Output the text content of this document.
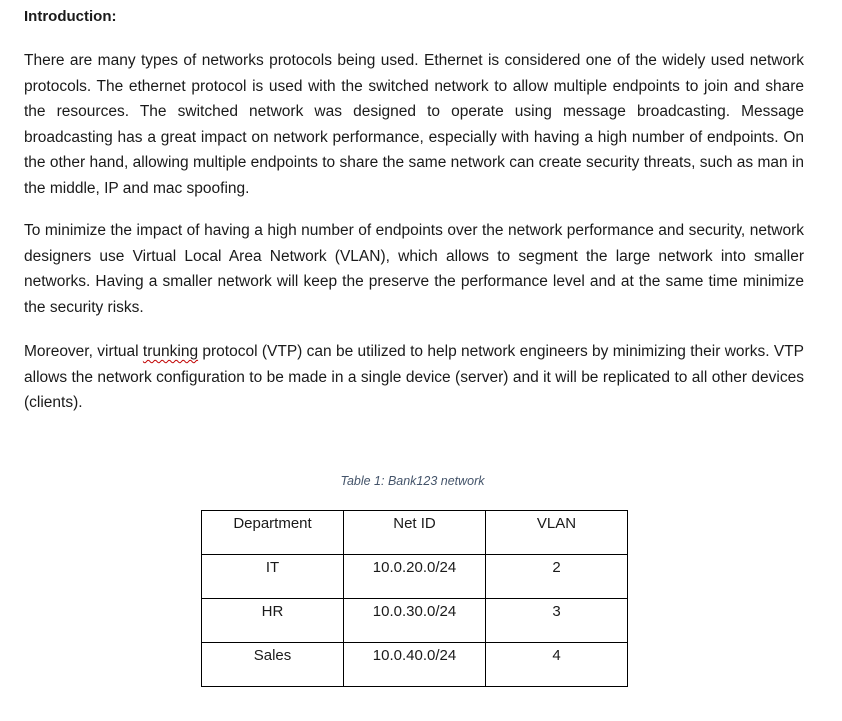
Introduction:

There are many types of networks protocols being used. Ethernet is considered one of the widely used network protocols. The ethernet protocol is used with the switched network to allow multiple endpoints to join and share the resources. The switched network was designed to operate using message broadcasting. Message broadcasting has a great impact on network performance, especially with having a high number of endpoints. On the other hand, allowing multiple endpoints to share the same network can create security threats, such as man in the middle, IP and mac spoofing.

To minimize the impact of having a high number of endpoints over the network performance and security, network designers use Virtual Local Area Network (VLAN), which allows to segment the large network into smaller networks. Having a smaller network will keep the preserve the performance level and at the same time minimize the security risks.

Moreover, virtual trunking protocol (VTP) can be utilized to help network engineers by minimizing their works. VTP allows the network configuration to be made in a single device (server) and it will be replicated to all other devices (clients).

Table 1: Bank123 network

Department	Net ID	VLAN

IT	10.0.20.0/24	2

HR	10.0.30.0/24	3

Sales	10.0.40.0/24	4
